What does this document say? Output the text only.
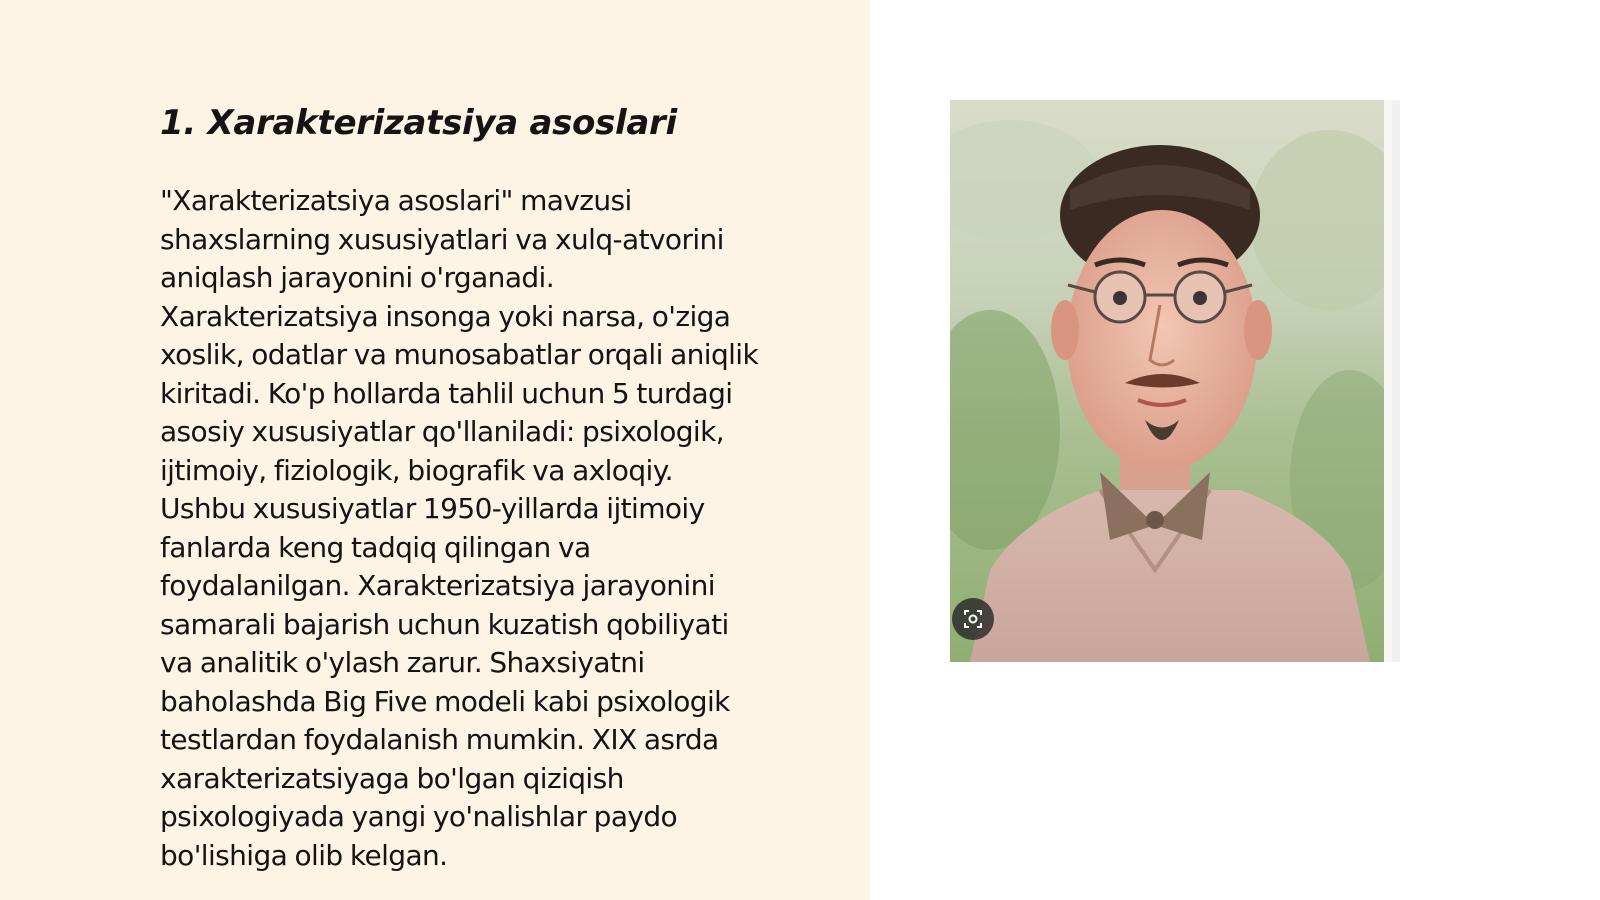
1. Xarakterizatsiya asoslari

"Xarakterizatsiya asoslari" mavzusi
shaxslarning xususiyatlari va xulq-atvorini
aniqlash jarayonini o'rganadi.
Xarakterizatsiya insonga yoki narsa, o'ziga
xoslik, odatlar va munosabatlar orqali aniqlik
kiritadi. Ko'p hollarda tahlil uchun 5 turdagi
asosiy xususiyatlar qo'llaniladi: psixologik,
ijtimoiy, fiziologik, biografik va axloqiy.
Ushbu xususiyatlar 1950-yillarda ijtimoiy
fanlarda keng tadqiq qilingan va
foydalanilgan. Xarakterizatsiya jarayonini
samarali bajarish uchun kuzatish qobiliyati
va analitik o'ylash zarur. Shaxsiyatni
baholashda Big Five modeli kabi psixologik
testlardan foydalanish mumkin. XIX asrda
xarakterizatsiyaga bo'lgan qiziqish
psixologiyada yangi yo'nalishlar paydo
bo'lishiga olib kelgan.
